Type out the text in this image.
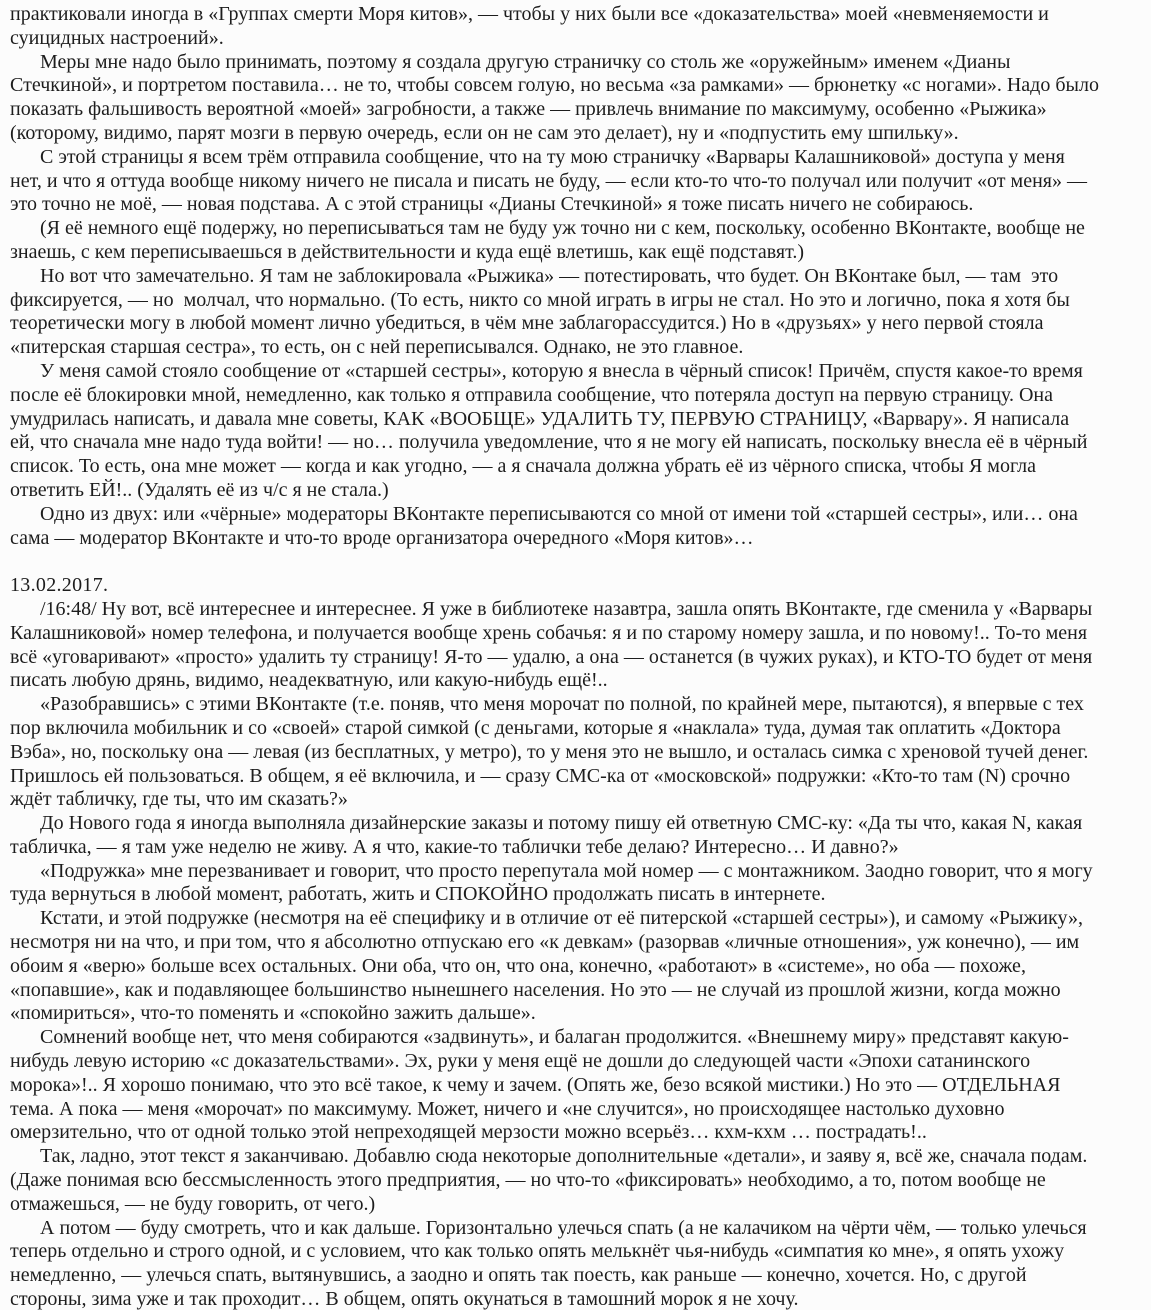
практиковали иногда в «Группах смерти Моря китов», — чтобы у них были все «доказательства» моей «невменяемости и
суицидных настроений».
Меры мне надо было принимать, поэтому я создала другую страничку со столь же «оружейным» именем «Дианы
Стечкиной», и портретом поставила… не то, чтобы совсем голую, но весьма «за рамками» — брюнетку «с ногами». Надо было
показать фальшивость вероятной «моей» загробности, а также — привлечь внимание по максимуму, особенно «Рыжика»
(которому, видимо, парят мозги в первую очередь, если он не сам это делает), ну и «подпустить ему шпильку».
С этой страницы я всем трём отправила сообщение, что на ту мою страничку «Варвары Калашниковой» доступа у меня
нет, и что я оттуда вообще никому ничего не писала и писать не буду, — если кто-то что-то получал или получит «от меня» —
это точно не моё, — новая подстава. А с этой страницы «Дианы Стечкиной» я тоже писать ничего не собираюсь.
(Я её немного ещё подержу, но переписываться там не буду уж точно ни с кем, поскольку, особенно ВКонтакте, вообще не
знаешь, с кем переписываешься в действительности и куда ещё влетишь, как ещё подставят.)
Но вот что замечательно. Я там не заблокировала «Рыжика» — потестировать, что будет. Он ВКонтаке был, — там  это
фиксируется, — но  молчал, что нормально. (То есть, никто со мной играть в игры не стал. Но это и логично, пока я хотя бы
теоретически могу в любой момент лично убедиться, в чём мне заблагорассудится.) Но в «друзьях» у него первой стояла
«питерская старшая сестра», то есть, он с ней переписывался. Однако, не это главное.
У меня самой стояло сообщение от «старшей сестры», которую я внесла в чёрный список! Причём, спустя какое-то время
после её блокировки мной, немедленно, как только я отправила сообщение, что потеряла доступ на первую страницу. Она
умудрилась написать, и давала мне советы, КАК «ВООБЩЕ» УДАЛИТЬ ТУ, ПЕРВУЮ СТРАНИЦУ, «Варвару». Я написала
ей, что сначала мне надо туда войти! — но… получила уведомление, что я не могу ей написать, поскольку внесла её в чёрный
список. То есть, она мне может — когда и как угодно, — а я сначала должна убрать её из чёрного списка, чтобы Я могла
ответить ЕЙ!.. (Удалять её из ч/с я не стала.)
Одно из двух: или «чёрные» модераторы ВКонтакте переписываются со мной от имени той «старшей сестры», или… она
сама — модератор ВКонтакте и что-то вроде организатора очередного «Моря китов»…
13.02.2017.
/16:48/ Ну вот, всё интереснее и интереснее. Я уже в библиотеке назавтра, зашла опять ВКонтакте, где сменила у «Варвары
Калашниковой» номер телефона, и получается вообще хрень собачья: я и по старому номеру зашла, и по новому!.. То-то меня
всё «уговаривают» «просто» удалить ту страницу! Я-то — удалю, а она — останется (в чужих руках), и КТО-ТО будет от меня
писать любую дрянь, видимо, неадекватную, или какую-нибудь ещё!..
«Разобравшись» с этими ВКонтакте (т.е. поняв, что меня морочат по полной, по крайней мере, пытаются), я впервые с тех
пор включила мобильник и со «своей» старой симкой (с деньгами, которые я «наклала» туда, думая так оплатить «Доктора
Вэба», но, поскольку она — левая (из бесплатных, у метро), то у меня это не вышло, и осталась симка с хреновой тучей денег.
Пришлось ей пользоваться. В общем, я её включила, и — сразу СМС-ка от «московской» подружки: «Кто-то там (N) срочно
ждёт табличку, где ты, что им сказать?»
До Нового года я иногда выполняла дизайнерские заказы и потому пишу ей ответную СМС-ку: «Да ты что, какая N, какая
табличка, — я там уже неделю не живу. А я что, какие-то таблички тебе делаю? Интересно… И давно?»
«Подружка» мне перезванивает и говорит, что просто перепутала мой номер — с монтажником. Заодно говорит, что я могу
туда вернуться в любой момент, работать, жить и СПОКОЙНО продолжать писать в интернете.
Кстати, и этой подружке (несмотря на её специфику и в отличие от её питерской «старшей сестры»), и самому «Рыжику»,
несмотря ни на что, и при том, что я абсолютно отпускаю его «к девкам» (разорвав «личные отношения», уж конечно), — им
обоим я «верю» больше всех остальных. Они оба, что он, что она, конечно, «работают» в «системе», но оба — похоже,
«попавшие», как и подавляющее большинство нынешнего населения. Но это — не случай из прошлой жизни, когда можно
«помириться», что-то поменять и «спокойно зажить дальше».
Сомнений вообще нет, что меня собираются «задвинуть», и балаган продолжится. «Внешнему миру» представят какую-
нибудь левую историю «с доказательствами». Эх, руки у меня ещё не дошли до следующей части «Эпохи сатанинского
морока»!.. Я хорошо понимаю, что это всё такое, к чему и зачем. (Опять же, безо всякой мистики.) Но это — ОТДЕЛЬНАЯ
тема. А пока — меня «морочат» по максимуму. Может, ничего и «не случится», но происходящее настолько духовно
омерзительно, что от одной только этой непреходящей мерзости можно всерьёз… кхм-кхм … пострадать!..
Так, ладно, этот текст я заканчиваю. Добавлю сюда некоторые дополнительные «детали», и заяву я, всё же, сначала подам.
(Даже понимая всю бессмысленность этого предприятия, — но что-то «фиксировать» необходимо, а то, потом вообще не
отмажешься, — не буду говорить, от чего.)
А потом — буду смотреть, что и как дальше. Горизонтально улечься спать (а не калачиком на чёрти чём, — только улечься
теперь отдельно и строго одной, и с условием, что как только опять мелькнёт чья-нибудь «симпатия ко мне», я опять ухожу
немедленно, — улечься спать, вытянувшись, а заодно и опять так поесть, как раньше — конечно, хочется. Но, с другой
стороны, зима уже и так проходит… В общем, опять окунаться в тамошний морок я не хочу.
